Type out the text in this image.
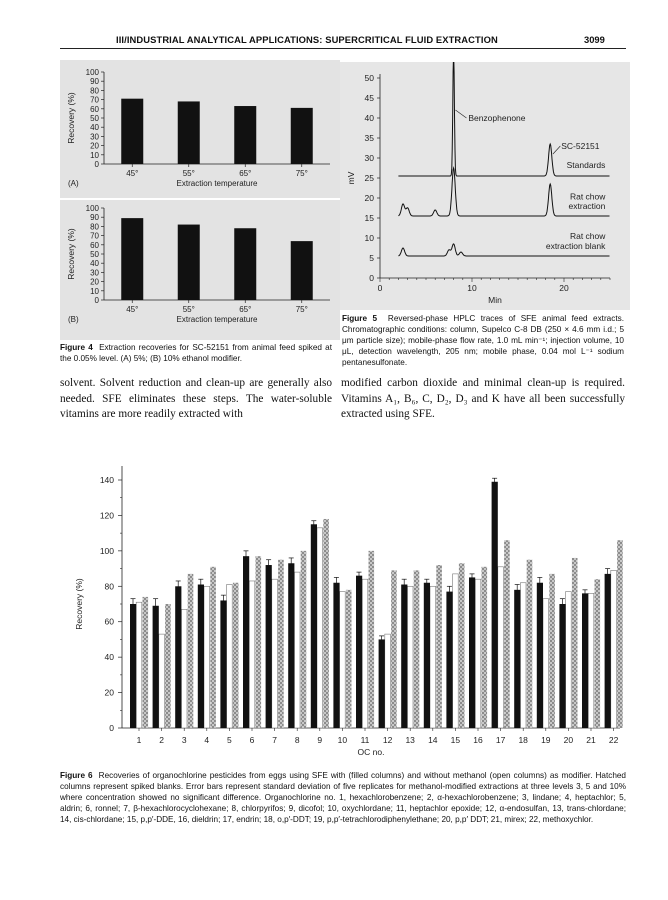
III/INDUSTRIAL ANALYTICAL APPLICATIONS: SUPERCRITICAL FLUID EXTRACTION	3099
100
90
80
70
60
50
40
30
20
10
0
45°	55°	65°	75°
Extraction temperature
(A)
Recovery (%)
100
90
80
70
60
50
40
30
20
10
0
45°	55°	65°	75°
Extraction temperature
(B)
Recovery (%)
Figure 4 Extraction recoveries for SC-52151 from animal feed spiked at the 0.05% level. (A) 5%; (B) 10% ethanol modifier.
50
45
40
35
30
25
20
15
10
5
0
0	10	20
Min
mV
Benzophenone
SC-52151
Standards
Rat chow
extraction
Rat chow
extraction blank
Figure 5 Reversed-phase HPLC traces of SFE animal feed extracts. Chromatographic conditions: column, Supelco C-8 DB (250 × 4.6 mm i.d.; 5 μm particle size); mobile-phase flow rate, 1.0 mL min⁻¹; injection volume, 10 μL, detection wavelength, 205 nm; mobile phase, 0.04 mol L⁻¹ sodium pentanesulfonate.
solvent. Solvent reduction and clean-up are generally also needed. SFE eliminates these steps. The water-soluble vitamins are more readily extracted with
modified carbon dioxide and minimal clean-up is required. Vitamins A₁, B₆, C, D₂, D₃ and K have all been successfully extracted using SFE.
140
120
100
80
60
40
20
0
Recovery (%)
OC no.
1 2 3 4 5 6 7 8 9 10 11 12 13 14 15 16 17 18 19 20 21 22
Figure 6 Recoveries of organochlorine pesticides from eggs using SFE with (filled columns) and without methanol (open columns) as modifier. Hatched columns represent spiked blanks. Error bars represent standard deviation of five replicates for methanol-modified extractions at three levels 3, 5 and 10% where concentration showed no significant difference. Organochlorine no. 1, hexachlorobenzene; 2, α-hexachlorobenzene; 3, lindane; 4, heptachlor; 5, aldrin; 6, ronnel; 7, β-hexachlorocyclohexane; 8, chlorpyrifos; 9, dicofol; 10, oxychlordane; 11, heptachlor epoxide; 12, α-endosulfan, 13, trans-chlordane; 14, cis-chlordane; 15, p,p′-DDE, 16, dieldrin; 17, endrin; 18, o,p′-DDT; 19, p,p′-tetrachlorodiphenylethane; 20, p,p′ DDT; 21, mirex; 22, methoxychlor.
